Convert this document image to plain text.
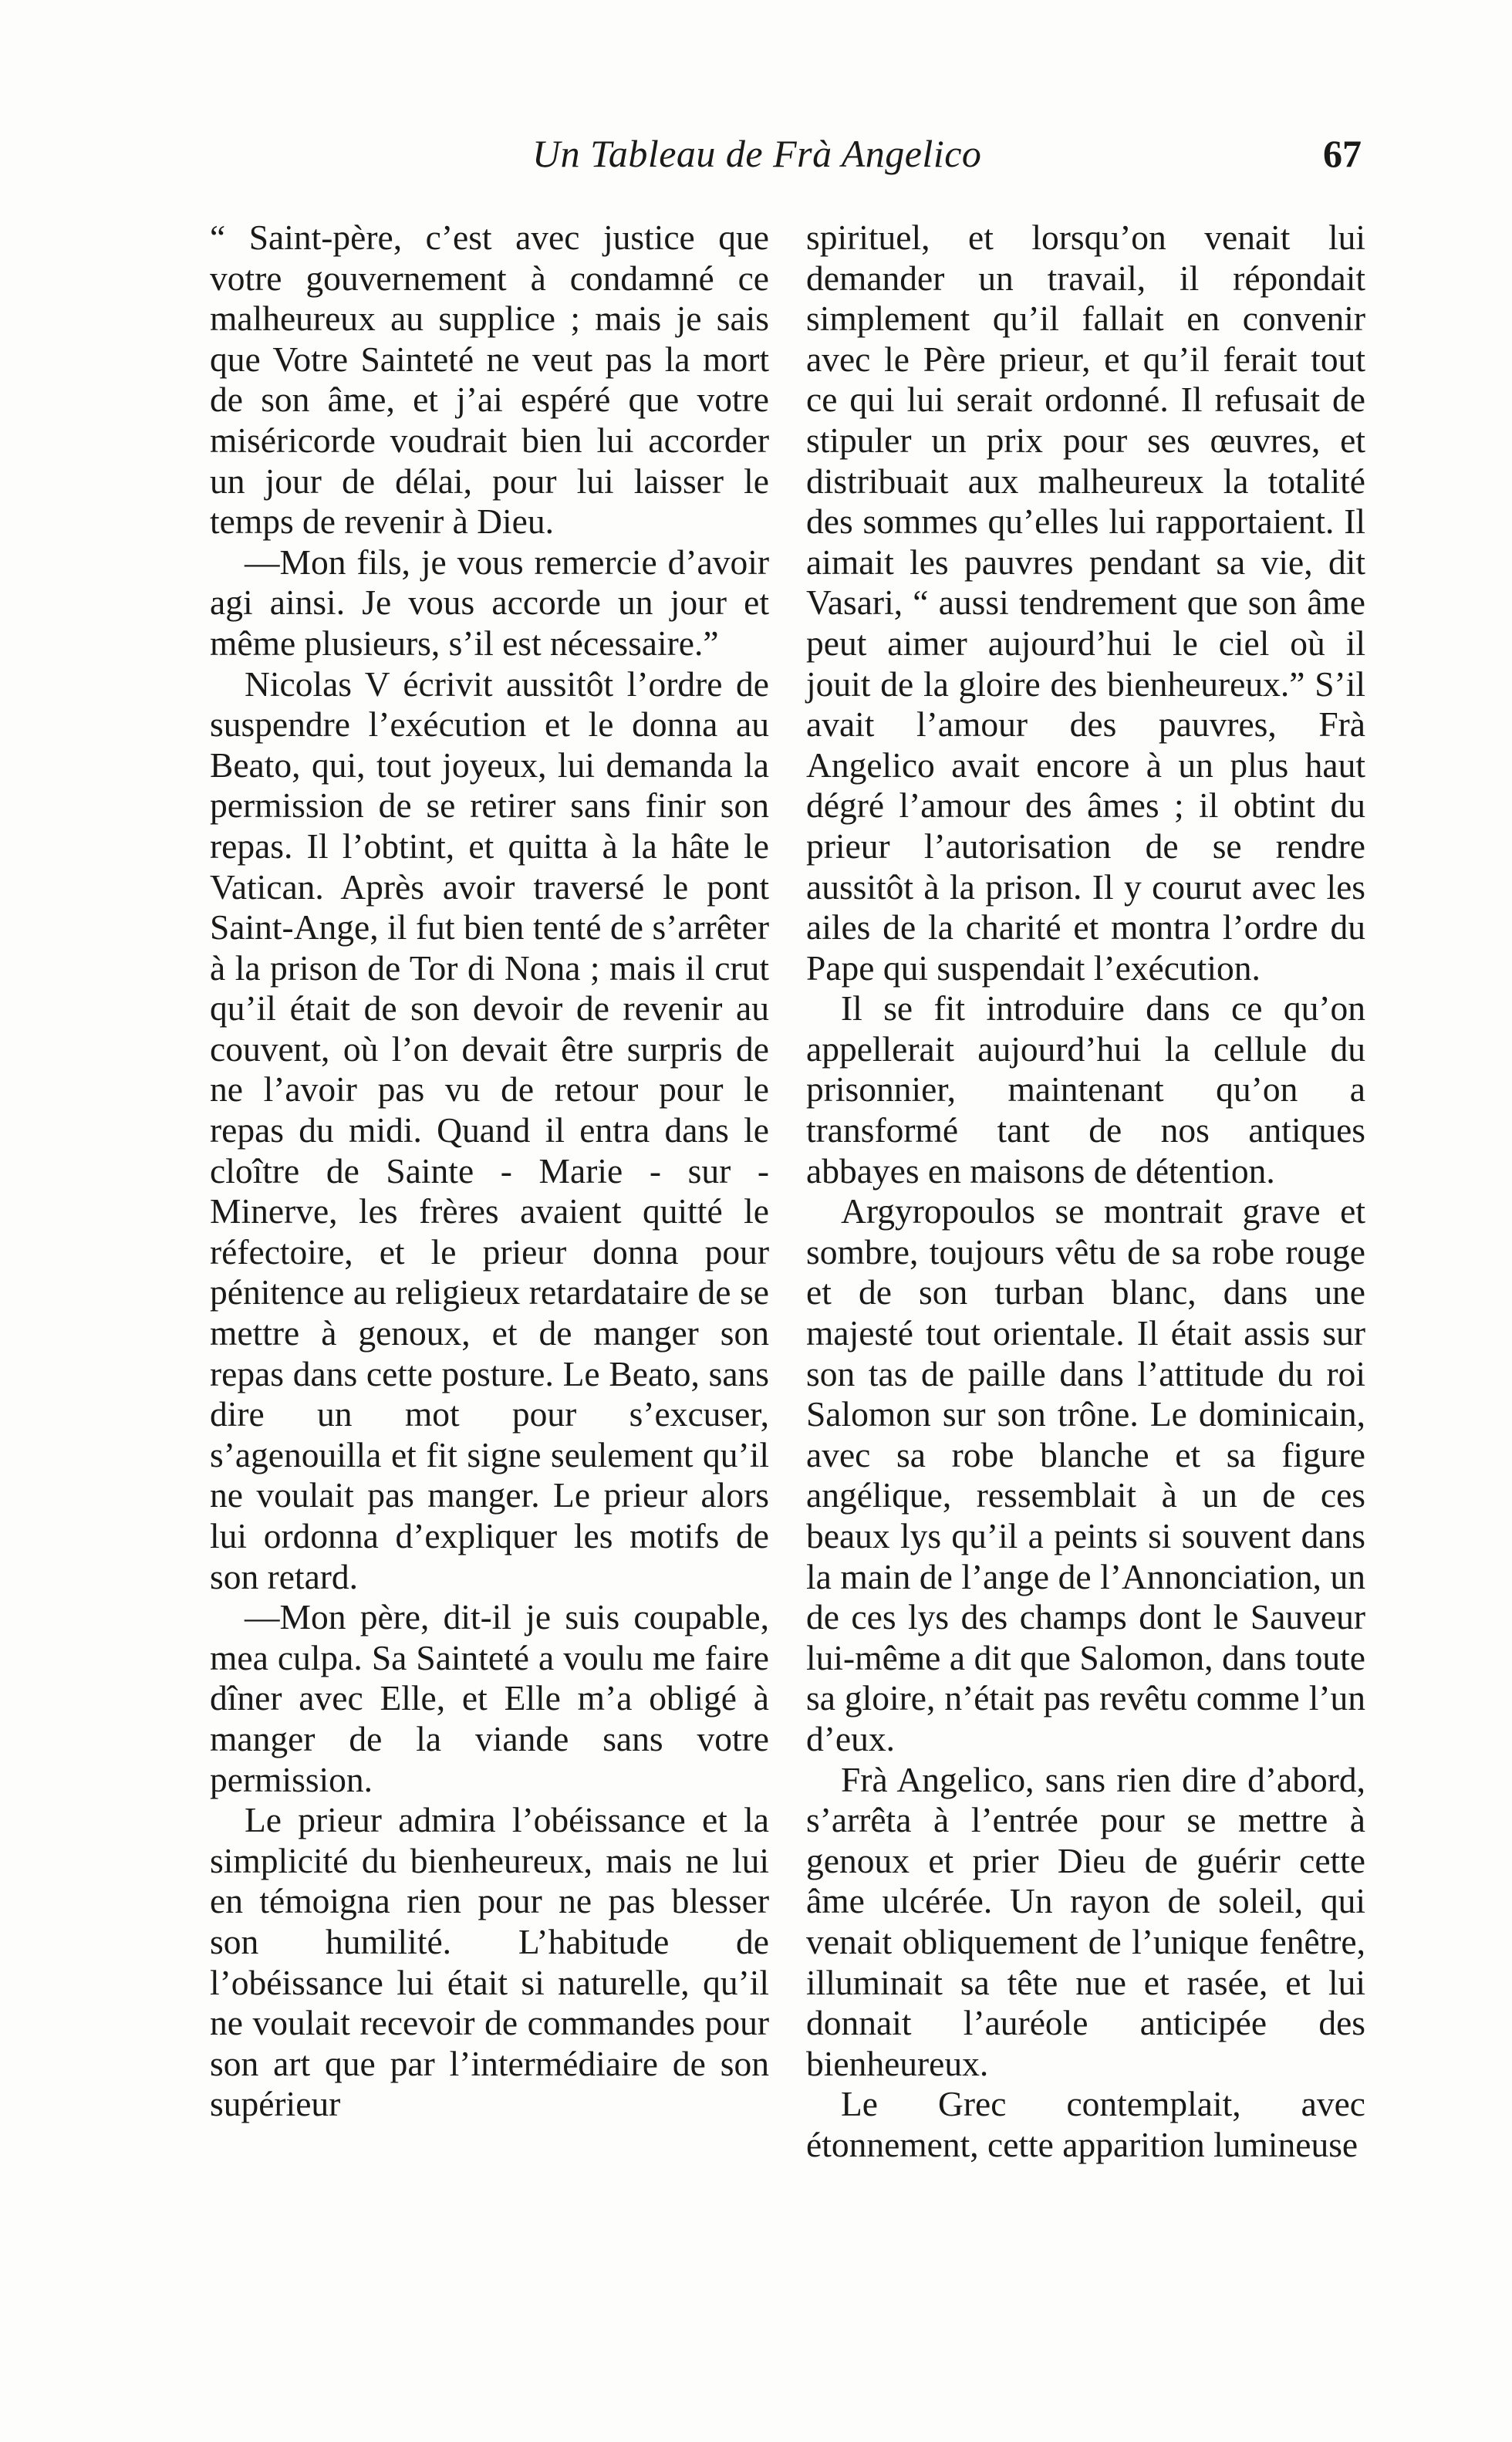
Un Tableau de Frà Angelico	67

“ Saint-père, c’est avec justice que votre gouvernement à condamné ce malheureux au supplice ; mais je sais que Votre Sainteté ne veut pas la mort de son âme, et j’ai espéré que votre miséricorde voudrait bien lui accorder un jour de délai, pour lui laisser le temps de revenir à Dieu.

—Mon fils, je vous remercie d’avoir agi ainsi. Je vous accorde un jour et même plusieurs, s’il est nécessaire.”

Nicolas V écrivit aussitôt l’ordre de suspendre l’exécution et le donna au Beato, qui, tout joyeux, lui demanda la permission de se retirer sans finir son repas. Il l’obtint, et quitta à la hâte le Vatican. Après avoir traversé le pont Saint-Ange, il fut bien tenté de s’arrêter à la prison de Tor di Nona ; mais il crut qu’il était de son devoir de revenir au couvent, où l’on devait être surpris de ne l’avoir pas vu de retour pour le repas du midi. Quand il entra dans le cloître de Sainte - Marie - sur - Minerve, les frères avaient quitté le réfectoire, et le prieur donna pour pénitence au religieux retardataire de se mettre à genoux, et de manger son repas dans cette posture. Le Beato, sans dire un mot pour s’excuser, s’agenouilla et fit signe seulement qu’il ne voulait pas manger. Le prieur alors lui ordonna d’expliquer les motifs de son retard.

—Mon père, dit-il je suis coupable, mea culpa. Sa Sainteté a voulu me faire dîner avec Elle, et Elle m’a obligé à manger de la viande sans votre permission.

Le prieur admira l’obéissance et la simplicité du bienheureux, mais ne lui en témoigna rien pour ne pas blesser son humilité. L’habitude de l’obéissance lui était si naturelle, qu’il ne voulait recevoir de commandes pour son art que par l’intermédiaire de son supérieur

spirituel, et lorsqu’on venait lui demander un travail, il répondait simplement qu’il fallait en convenir avec le Père prieur, et qu’il ferait tout ce qui lui serait ordonné. Il refusait de stipuler un prix pour ses œuvres, et distribuait aux malheureux la totalité des sommes qu’elles lui rapportaient. Il aimait les pauvres pendant sa vie, dit Vasari, “ aussi tendrement que son âme peut aimer aujourd’hui le ciel où il jouit de la gloire des bienheureux.” S’il avait l’amour des pauvres, Frà Angelico avait encore à un plus haut dégré l’amour des âmes ; il obtint du prieur l’autorisation de se rendre aussitôt à la prison. Il y courut avec les ailes de la charité et montra l’ordre du Pape qui suspendait l’exécution.

Il se fit introduire dans ce qu’on appellerait aujourd’hui la cellule du prisonnier, maintenant qu’on a transformé tant de nos antiques abbayes en maisons de détention.

Argyropoulos se montrait grave et sombre, toujours vêtu de sa robe rouge et de son turban blanc, dans une majesté tout orientale. Il était assis sur son tas de paille dans l’attitude du roi Salomon sur son trône. Le dominicain, avec sa robe blanche et sa figure angélique, ressemblait à un de ces beaux lys qu’il a peints si souvent dans la main de l’ange de l’Annonciation, un de ces lys des champs dont le Sauveur lui-même a dit que Salomon, dans toute sa gloire, n’était pas revêtu comme l’un d’eux.

Frà Angelico, sans rien dire d’abord, s’arrêta à l’entrée pour se mettre à genoux et prier Dieu de guérir cette âme ulcérée. Un rayon de soleil, qui venait obliquement de l’unique fenêtre, illuminait sa tête nue et rasée, et lui donnait l’auréole anticipée des bienheureux.

Le Grec contemplait, avec étonnement, cette apparition lumineuse
